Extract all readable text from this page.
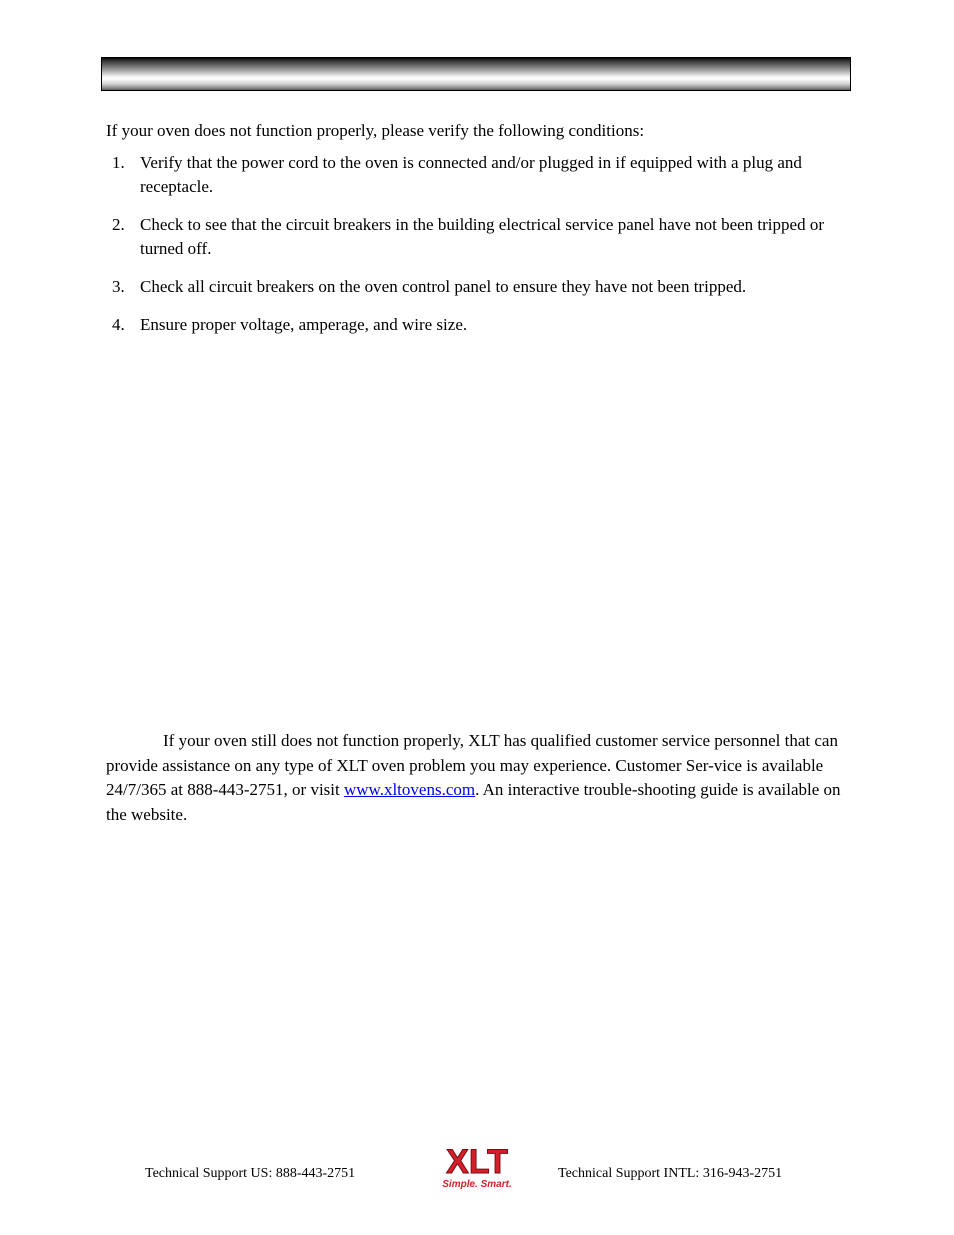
If your oven does not function properly, please verify the following conditions:
1. Verify that the power cord to the oven is connected and/or plugged in if equipped with a plug and receptacle.
2. Check to see that the circuit breakers in the building electrical service panel have not been tripped or turned off.
3. Check all circuit breakers on the oven control panel to ensure they have not been tripped.
4. Ensure proper voltage, amperage, and wire size.

If your oven still does not function properly, XLT has qualified customer service personnel that can provide assistance on any type of XLT oven problem you may experience. Customer Ser-vice is available 24/7/365 at 888-443-2751, or visit www.xltovens.com. An interactive trouble-shooting guide is available on the website.

Technical Support US: 888-443-2751	XLT
Simple. Smart.
Technical Support INTL: 316-943-2751
